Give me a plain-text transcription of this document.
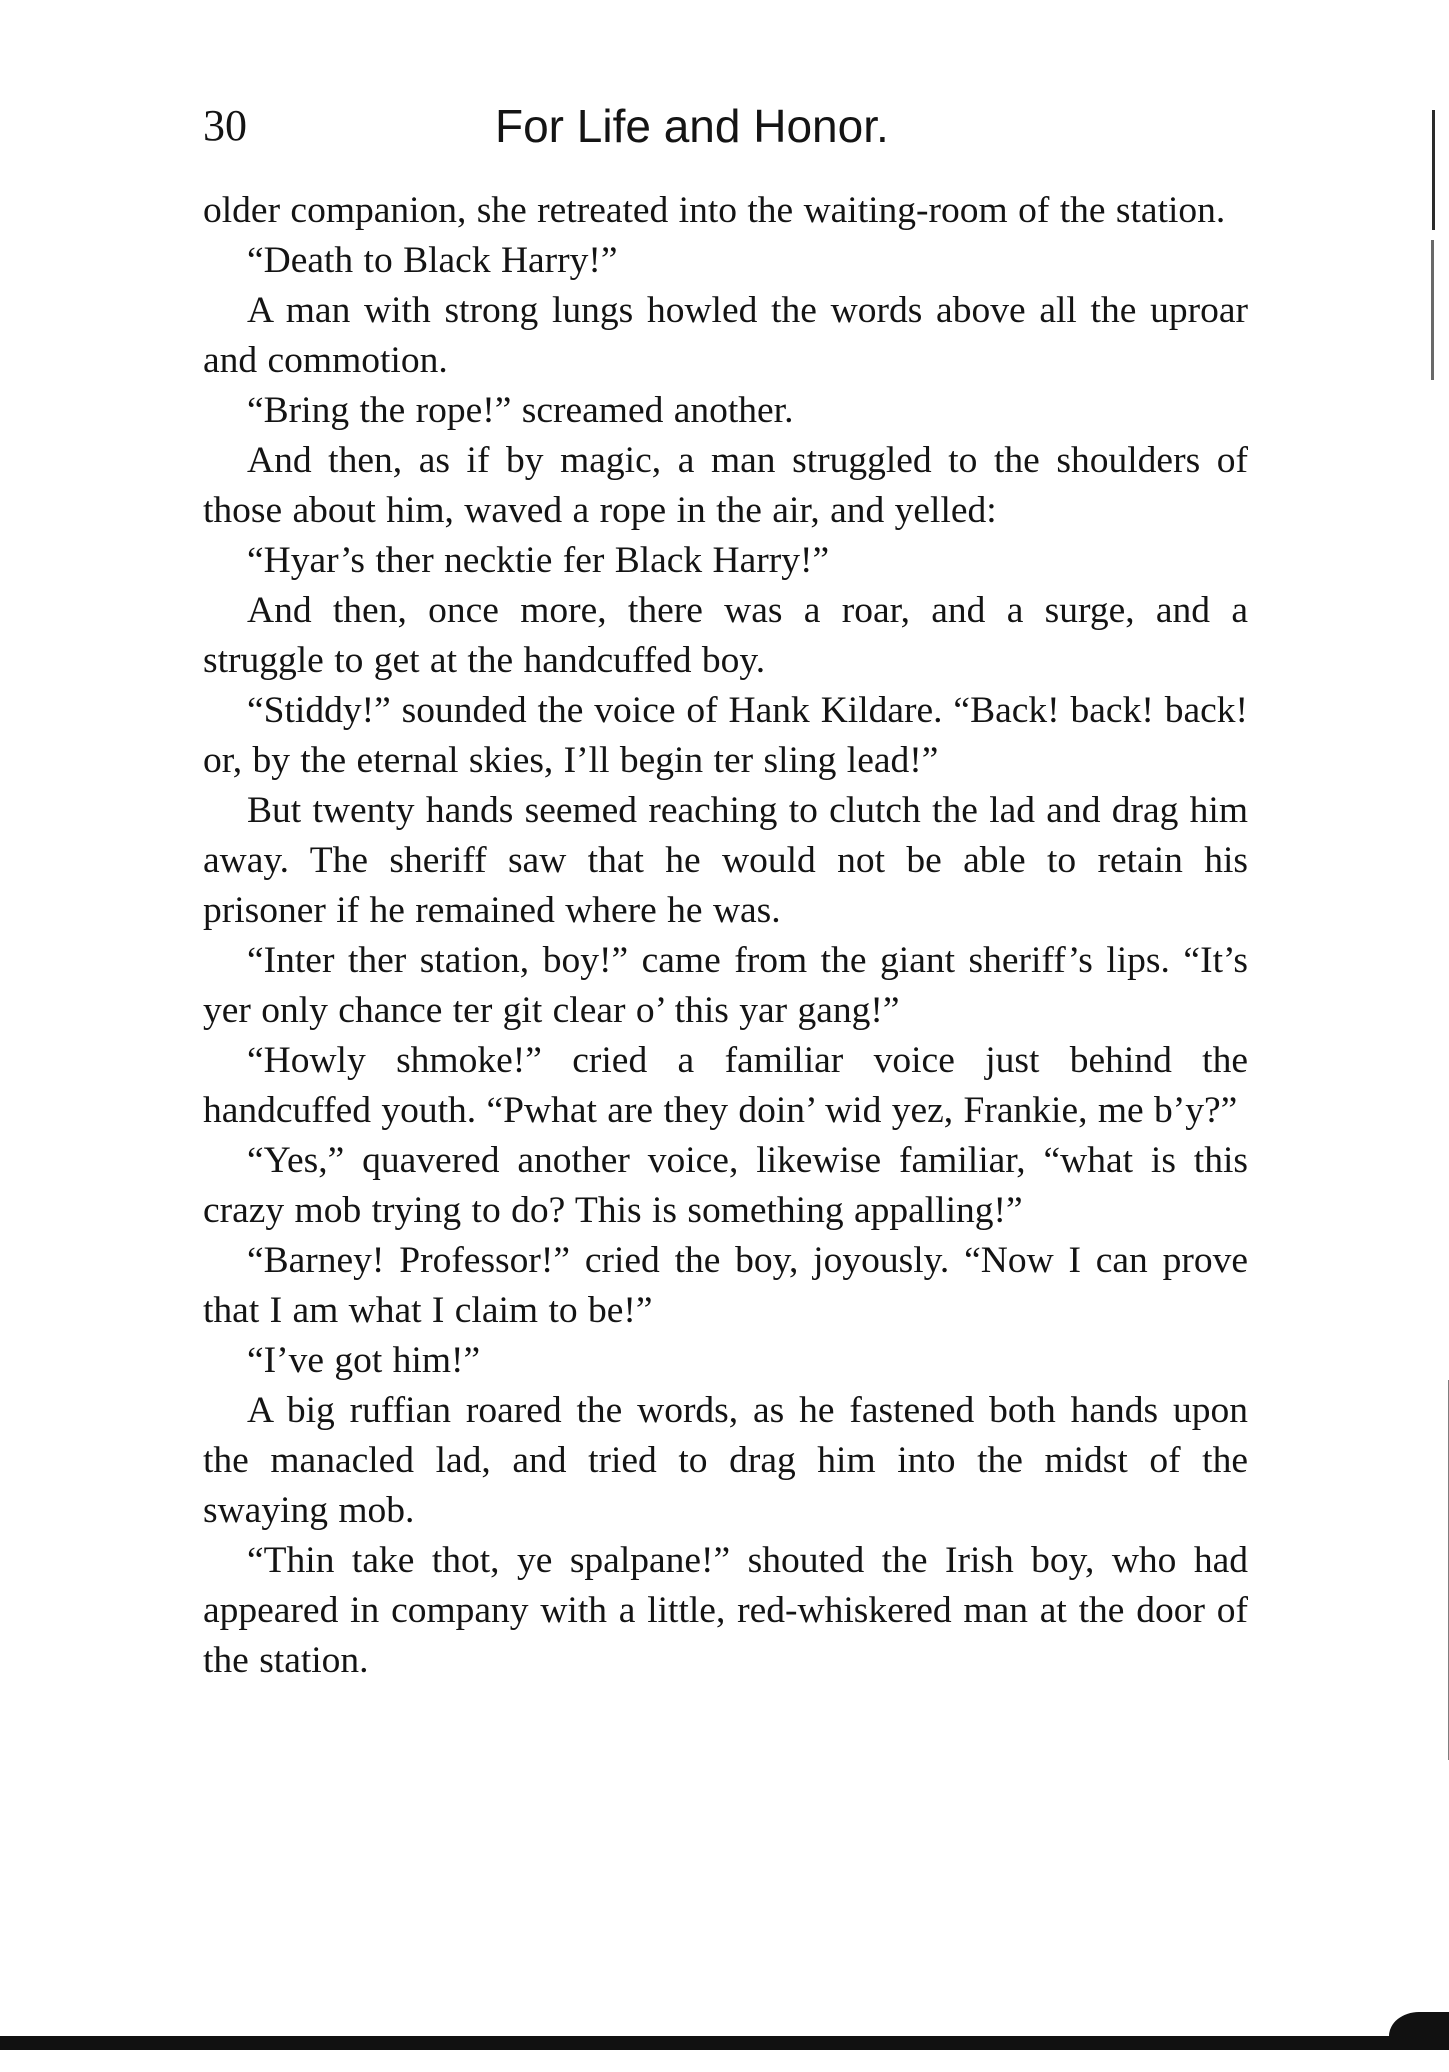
30	For Life and Honor.

older companion, she retreated into the waiting-room of the station.

“Death to Black Harry!”

A man with strong lungs howled the words above all the uproar and commotion.

“Bring the rope!” screamed another.

And then, as if by magic, a man struggled to the shoulders of those about him, waved a rope in the air, and yelled:

“Hyar’s ther necktie fer Black Harry!”

And then, once more, there was a roar, and a surge, and a struggle to get at the handcuffed boy.

“Stiddy!” sounded the voice of Hank Kildare. “Back! back! back! or, by the eternal skies, I’ll begin ter sling lead!”

But twenty hands seemed reaching to clutch the lad and drag him away. The sheriff saw that he would not be able to retain his prisoner if he remained where he was.

“Inter ther station, boy!” came from the giant sheriff’s lips. “It’s yer only chance ter git clear o’ this yar gang!”

“Howly shmoke!” cried a familiar voice just behind the handcuffed youth. “Pwhat are they doin’ wid yez, Frankie, me b’y?”

“Yes,” quavered another voice, likewise familiar, “what is this crazy mob trying to do? This is something appalling!”

“Barney! Professor!” cried the boy, joyously. “Now I can prove that I am what I claim to be!”

“I’ve got him!”

A big ruffian roared the words, as he fastened both hands upon the manacled lad, and tried to drag him into the midst of the swaying mob.

“Thin take thot, ye spalpane!” shouted the Irish boy, who had appeared in company with a little, red-whiskered man at the door of the station.
